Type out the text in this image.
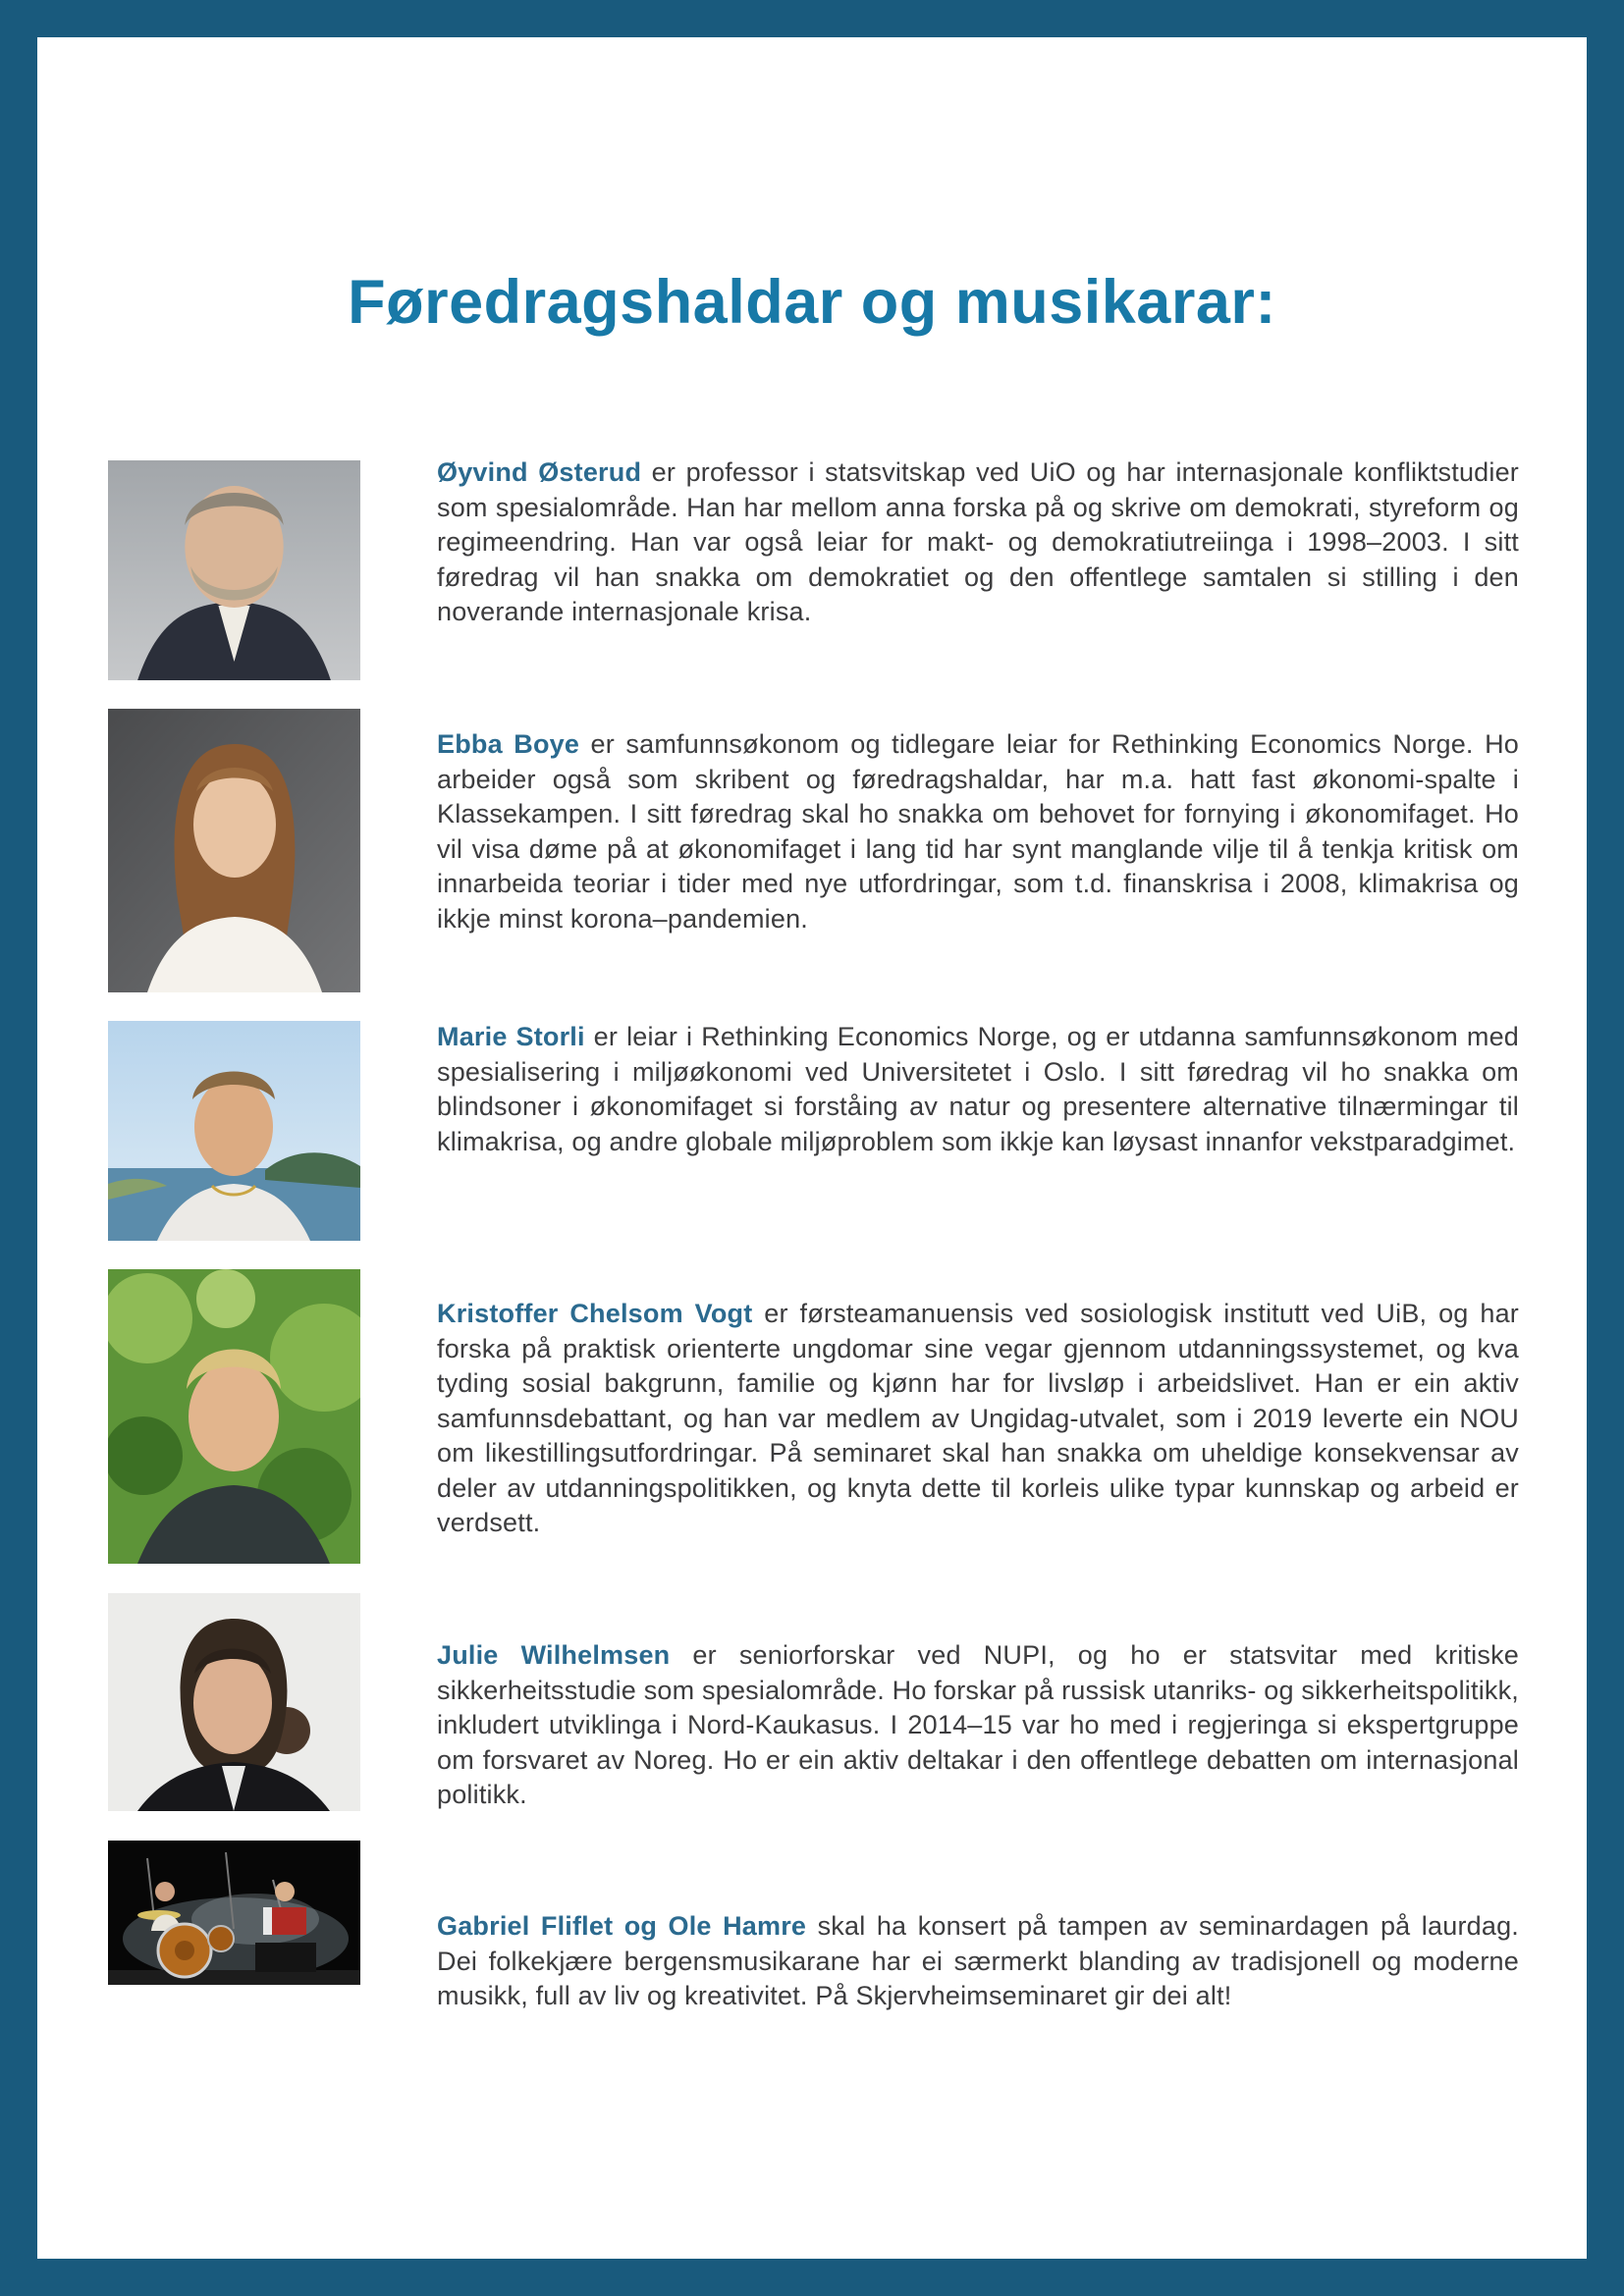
Føredragshaldar og musikarar:

Øyvind Østerud er professor i statsvitskap ved UiO og har internasjonale konfliktstudier som spesialområde. Han har mellom anna forska på og skrive om demokrati, styreform og regimeendring. Han var også leiar for makt- og demokratiutreiinga i 1998–2003. I sitt føredrag vil han snakka om demokratiet og den offentlege samtalen si stilling i den noverande internasjonale krisa.

Ebba Boye er samfunnsøkonom og tidlegare leiar for Rethinking Economics Norge. Ho arbeider også som skribent og føredragshaldar, har m.a. hatt fast økonomi-spalte i Klassekampen. I sitt føredrag skal ho snakka om behovet for fornying i økonomifaget. Ho vil visa døme på at økonomifaget i lang tid har synt manglande vilje til å tenkja kritisk om innarbeida teoriar i tider med nye utfordringar, som t.d. finanskrisa i 2008, klimakrisa og ikkje minst korona–pandemien.

Marie Storli er leiar i Rethinking Economics Norge, og er utdanna samfunnsøkonom med spesialisering i miljøøkonomi ved Universitetet i Oslo. I sitt føredrag vil ho snakka om blindsoner i økonomifaget si forståing av natur og presentere alternative tilnærmingar til klimakrisa, og andre globale miljøproblem som ikkje kan løysast innanfor vekstparadgimet.

Kristoffer Chelsom Vogt er førsteamanuensis ved sosiologisk institutt ved UiB, og har forska på praktisk orienterte ungdomar sine vegar gjennom utdanningssystemet, og kva tyding sosial bakgrunn, familie og kjønn har for livsløp i arbeidslivet. Han er ein aktiv samfunnsdebattant, og han var medlem av Ungidag-utvalet, som i 2019 leverte ein NOU om likestillingsutfordringar. På seminaret skal han snakka om uheldige konsekvensar av deler av utdanningspolitikken, og knyta dette til korleis ulike typar kunnskap og arbeid er verdsett.

Julie Wilhelmsen er seniorforskar ved NUPI, og ho er statsvitar med kritiske sikkerheitsstudie som spesialområde. Ho forskar på russisk utanriks- og sikkerheitspolitikk, inkludert utviklinga i Nord-Kaukasus. I 2014–15 var ho med i regjeringa si ekspertgruppe om forsvaret av Noreg. Ho er ein aktiv deltakar i den offentlege debatten om internasjonal politikk.

Gabriel Fliflet og Ole Hamre skal ha konsert på tampen av seminardagen på laurdag. Dei folkekjære bergensmusikarane har ei særmerkt blanding av tradisjonell og moderne musikk, full av liv og kreativitet. På Skjervheimseminaret gir dei alt!
